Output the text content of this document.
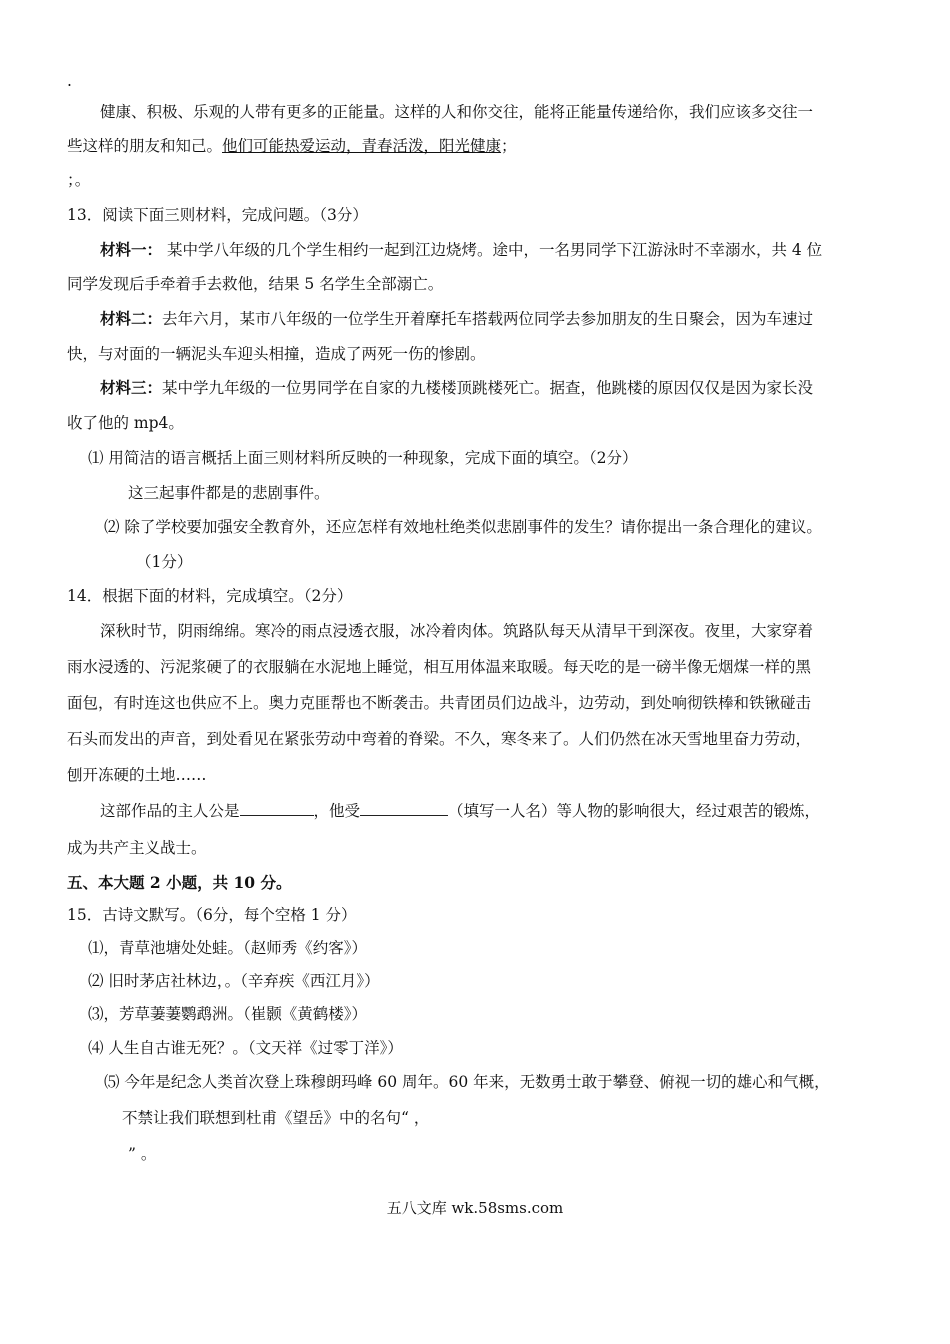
.
健康、积极、乐观的人带有更多的正能量。这样的人和你交往，能将正能量传递给你，我们应该多交往一
些这样的朋友和知己。他们可能热爱运动，青春活泼，阳光健康；
；。
13．阅读下面三则材料，完成问题。（3分）
材料一： 某中学八年级的几个学生相约一起到江边烧烤。途中，一名男同学下江游泳时不幸溺水，共 4 位
同学发现后手牵着手去救他，结果 5 名学生全部溺亡。
材料二：去年六月，某市八年级的一位学生开着摩托车搭载两位同学去参加朋友的生日聚会，因为车速过
快，与对面的一辆泥头车迎头相撞，造成了两死一伤的惨剧。
材料三：某中学九年级的一位男同学在自家的九楼楼顶跳楼死亡。据查，他跳楼的原因仅仅是因为家长没
收了他的 mp4。
⑴ 用简洁的语言概括上面三则材料所反映的一种现象，完成下面的填空。（2分）
这三起事件都是的悲剧事件。
⑵ 除了学校要加强安全教育外，还应怎样有效地杜绝类似悲剧事件的发生？请你提出一条合理化的建议。
（1分）
14．根据下面的材料，完成填空。（2分）
深秋时节，阴雨绵绵。寒冷的雨点浸透衣服，冰冷着肉体。筑路队每天从清早干到深夜。夜里，大家穿着
雨水浸透的、污泥浆硬了的衣服躺在水泥地上睡觉，相互用体温来取暖。每天吃的是一磅半像无烟煤一样的黑
面包，有时连这也供应不上。奥力克匪帮也不断袭击。共青团员们边战斗，边劳动，到处响彻铁棒和铁锹碰击
石头而发出的声音，到处看见在紧张劳动中弯着的脊梁。不久，寒冬来了。人们仍然在冰天雪地里奋力劳动，
刨开冻硬的土地……
这部作品的主人公是	，他受	（填写一人名）等人物的影响很大，经过艰苦的锻炼，
成为共产主义战士。
五、本大题 2 小题，共 10 分。
15．古诗文默写。（6分，每个空格 1 分）
⑴，青草池塘处处蛙。（赵师秀《约客》）
⑵ 旧时茅店社林边，。（辛弃疾《西江月》）
⑶，芳草萋萋鹦鹉洲。（崔颢《黄鹤楼》）
⑷ 人生自古谁无死？。（文天祥《过零丁洋》）
⑸ 今年是纪念人类首次登上珠穆朗玛峰 60 周年。60 年来，无数勇士敢于攀登、俯视一切的雄心和气概，
不禁让我们联想到杜甫《望岳》中的名句“ ，
” 。
五八文库 wk.58sms.com
